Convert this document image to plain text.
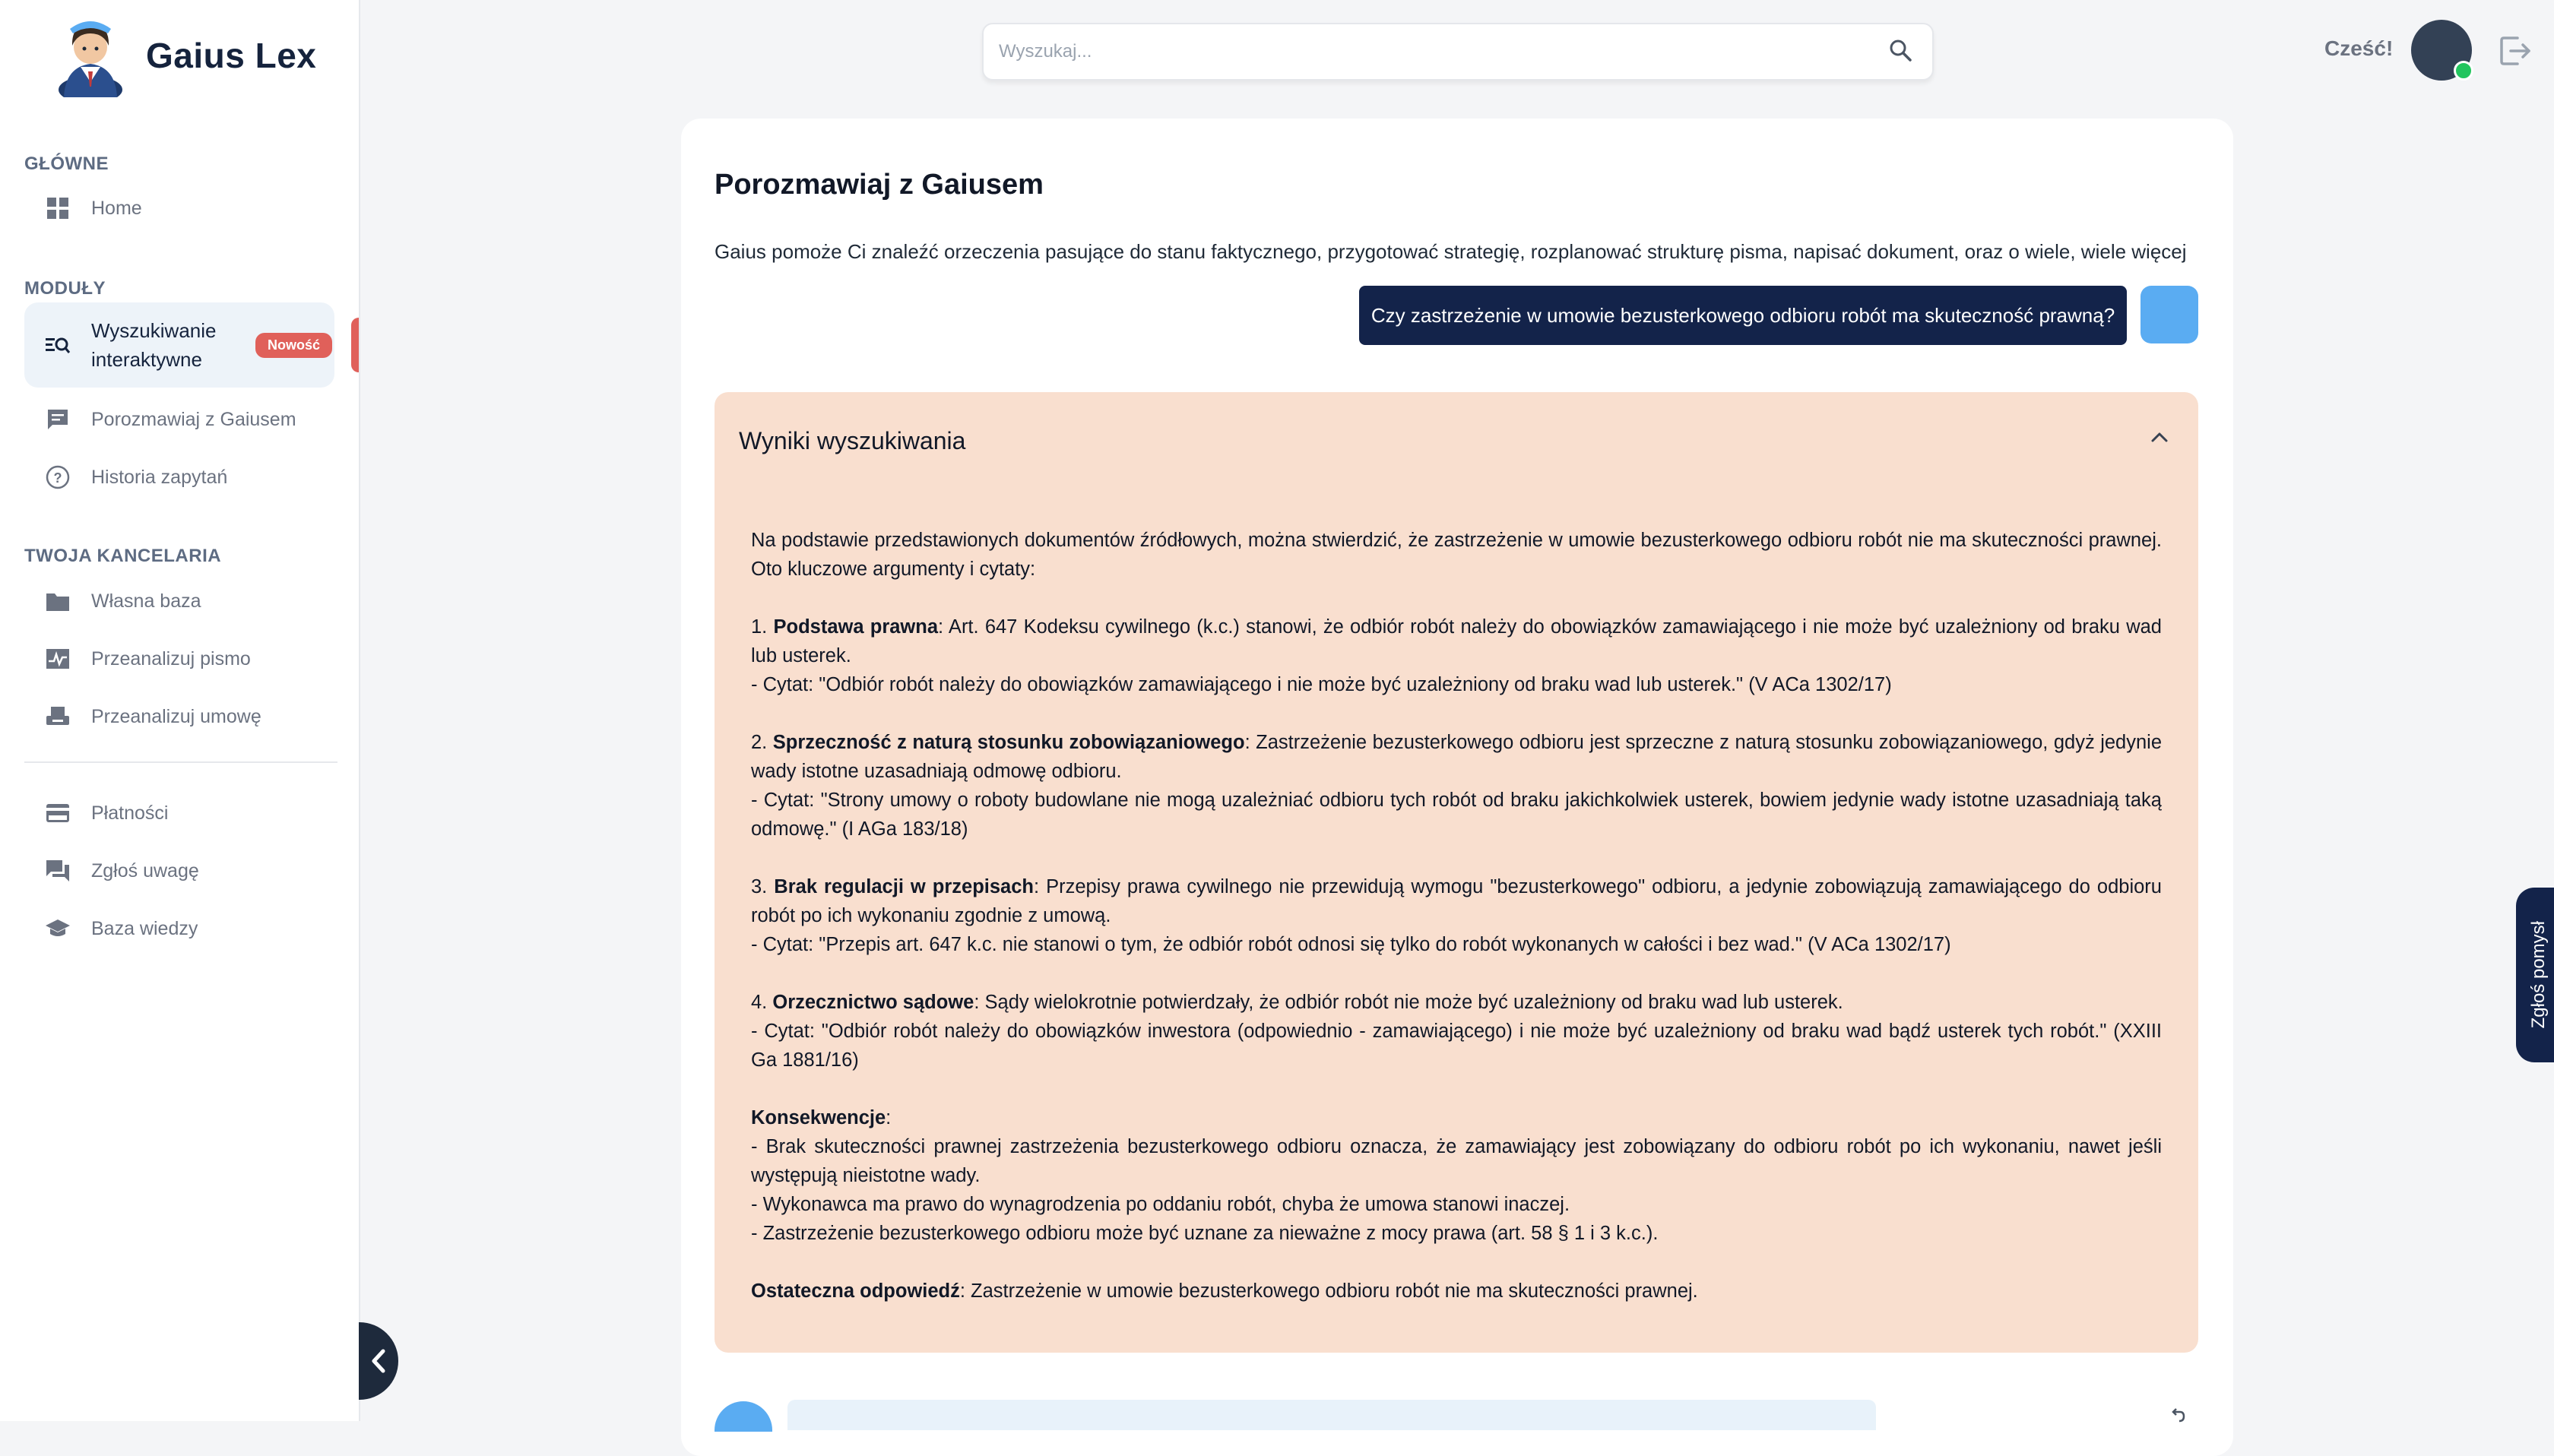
Gaius Lex
GŁÓWNE
Home
MODUŁY
Wyszukiwanie interaktywne
Nowość
Porozmawiaj z Gaiusem
? Historia zapytań
TWOJA KANCELARIA
Własna baza
Przeanalizuj pismo
Przeanalizuj umowę
Płatności
Zgłoś uwagę
Baza wiedzy
Wyszukaj...
Cześć!
Porozmawiaj z Gaiusem
Gaius pomoże Ci znaleźć orzeczenia pasujące do stanu faktycznego, przygotować strategię, rozplanować strukturę pisma, napisać dokument, oraz o wiele, wiele więcej
Czy zastrzeżenie w umowie bezusterkowego odbioru robót ma skuteczność prawną?
Wyniki wyszukiwania

Na podstawie przedstawionych dokumentów źródłowych, można stwierdzić, że zastrzeżenie w umowie bezusterkowego odbioru robót nie ma skuteczności prawnej. Oto kluczowe argumenty i cytaty:

1. Podstawa prawna: Art. 647 Kodeksu cywilnego (k.c.) stanowi, że odbiór robót należy do obowiązków zamawiającego i nie może być uzależniony od braku wad lub usterek.
- Cytat: "Odbiór robót należy do obowiązków zamawiającego i nie może być uzależniony od braku wad lub usterek." (V ACa 1302/17)

2. Sprzeczność z naturą stosunku zobowiązaniowego: Zastrzeżenie bezusterkowego odbioru jest sprzeczne z naturą stosunku zobowiązaniowego, gdyż jedynie wady istotne uzasadniają odmowę odbioru.
- Cytat: "Strony umowy o roboty budowlane nie mogą uzależniać odbioru tych robót od braku jakichkolwiek usterek, bowiem jedynie wady istotne uzasadniają taką odmowę." (I AGa 183/18)

3. Brak regulacji w przepisach: Przepisy prawa cywilnego nie przewidują wymogu "bezusterkowego" odbioru, a jedynie zobowiązują zamawiającego do odbioru robót po ich wykonaniu zgodnie z umową.
- Cytat: "Przepis art. 647 k.c. nie stanowi o tym, że odbiór robót odnosi się tylko do robót wykonanych w całości i bez wad." (V ACa 1302/17)

4. Orzecznictwo sądowe: Sądy wielokrotnie potwierdzały, że odbiór robót nie może być uzależniony od braku wad lub usterek.
- Cytat: "Odbiór robót należy do obowiązków inwestora (odpowiednio - zamawiającego) i nie może być uzależniony od braku wad bądź usterek tych robót." (XXIII Ga 1881/16)

Konsekwencje:
- Brak skuteczności prawnej zastrzeżenia bezusterkowego odbioru oznacza, że zamawiający jest zobowiązany do odbioru robót po ich wykonaniu, nawet jeśli występują nieistotne wady.
- Wykonawca ma prawo do wynagrodzenia po oddaniu robót, chyba że umowa stanowi inaczej.
- Zastrzeżenie bezusterkowego odbioru może być uznane za nieważne z mocy prawa (art. 58 § 1 i 3 k.c.).

Ostateczna odpowiedź: Zastrzeżenie w umowie bezusterkowego odbioru robót nie ma skuteczności prawnej.

Zgłoś pomysł
